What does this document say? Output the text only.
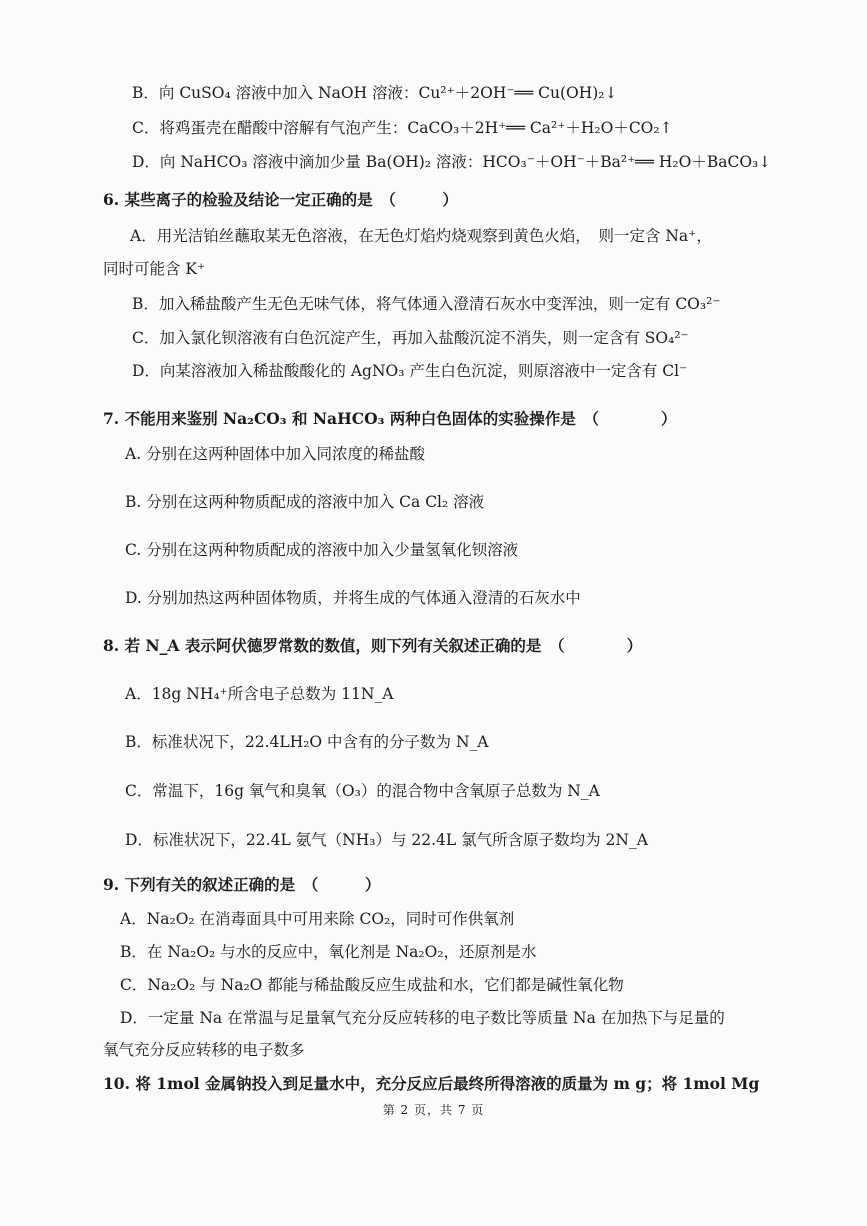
B．向 CuSO₄ 溶液中加入 NaOH 溶液：Cu²⁺＋2OH⁻══ Cu(OH)₂↓
C．将鸡蛋壳在醋酸中溶解有气泡产生：CaCO₃＋2H⁺══ Ca²⁺＋H₂O＋CO₂↑
D．向 NaHCO₃ 溶液中滴加少量 Ba(OH)₂ 溶液：HCO₃⁻＋OH⁻＋Ba²⁺══ H₂O＋BaCO₃↓
6. 某些离子的检验及结论一定正确的是　（　　　）
A．用光洁铂丝蘸取某无色溶液，在无色灯焰灼烧观察到黄色火焰，　则一定含 Na⁺，
同时可能含 K⁺
B．加入稀盐酸产生无色无味气体，将气体通入澄清石灰水中变浑浊，则一定有 CO₃²⁻
C．加入氯化钡溶液有白色沉淀产生，再加入盐酸沉淀不消失，则一定含有 SO₄²⁻
D．向某溶液加入稀盐酸酸化的 AgNO₃ 产生白色沉淀，则原溶液中一定含有 Cl⁻
7. 不能用来鉴别 Na₂CO₃ 和 NaHCO₃ 两种白色固体的实验操作是　（　　　　）
A. 分别在这两种固体中加入同浓度的稀盐酸
B. 分别在这两种物质配成的溶液中加入 Ca Cl₂ 溶液
C. 分别在这两种物质配成的溶液中加入少量氢氧化钡溶液
D. 分别加热这两种固体物质，并将生成的气体通入澄清的石灰水中
8. 若 N_A 表示阿伏德罗常数的数值，则下列有关叙述正确的是　（　　　　）
A．18g NH₄⁺所含电子总数为 11N_A
B．标准状况下，22.4LH₂O 中含有的分子数为 N_A
C．常温下，16g 氧气和臭氧（O₃）的混合物中含氧原子总数为 N_A
D．标准状况下，22.4L 氨气（NH₃）与 22.4L 氯气所含原子数均为 2N_A
9. 下列有关的叙述正确的是　（　　　）
A．Na₂O₂ 在消毒面具中可用来除 CO₂，同时可作供氧剂
B．在 Na₂O₂ 与水的反应中，氧化剂是 Na₂O₂，还原剂是水
C．Na₂O₂ 与 Na₂O 都能与稀盐酸反应生成盐和水，它们都是碱性氧化物
D．一定量 Na 在常温与足量氧气充分反应转移的电子数比等质量 Na 在加热下与足量的
氧气充分反应转移的电子数多
10. 将 1mol 金属钠投入到足量水中，充分反应后最终所得溶液的质量为 m g；将 1mol Mg
第 2 页，共 7 页
